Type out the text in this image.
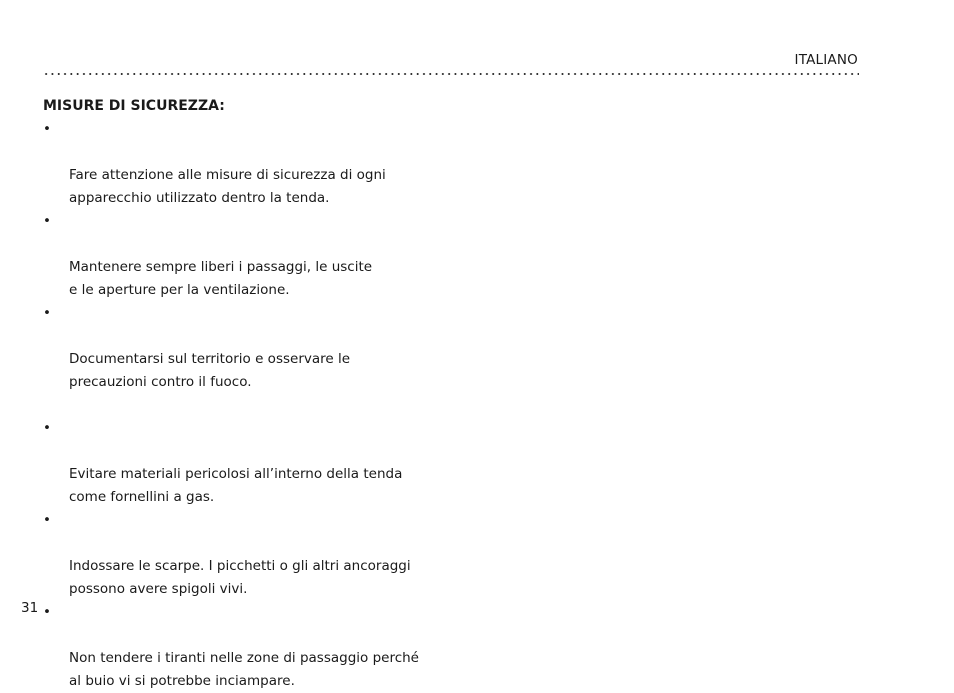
ITALIANO
MISURE DI SICUREZZA:

•

Fare attenzione alle misure di sicurezza di ogni
apparecchio utilizzato dentro la tenda.

•

Mantenere sempre liberi i passaggi, le uscite
e le aperture per la ventilazione.

•

Documentarsi sul territorio e osservare le
precauzioni contro il fuoco.

•

Evitare materiali pericolosi all’interno della tenda
come fornellini a gas.

•

Indossare le scarpe. I picchetti o gli altri ancoraggi
possono avere spigoli vivi.

•

Non tendere i tiranti nelle zone di passaggio perché
al buio vi si potrebbe inciampare.

31
